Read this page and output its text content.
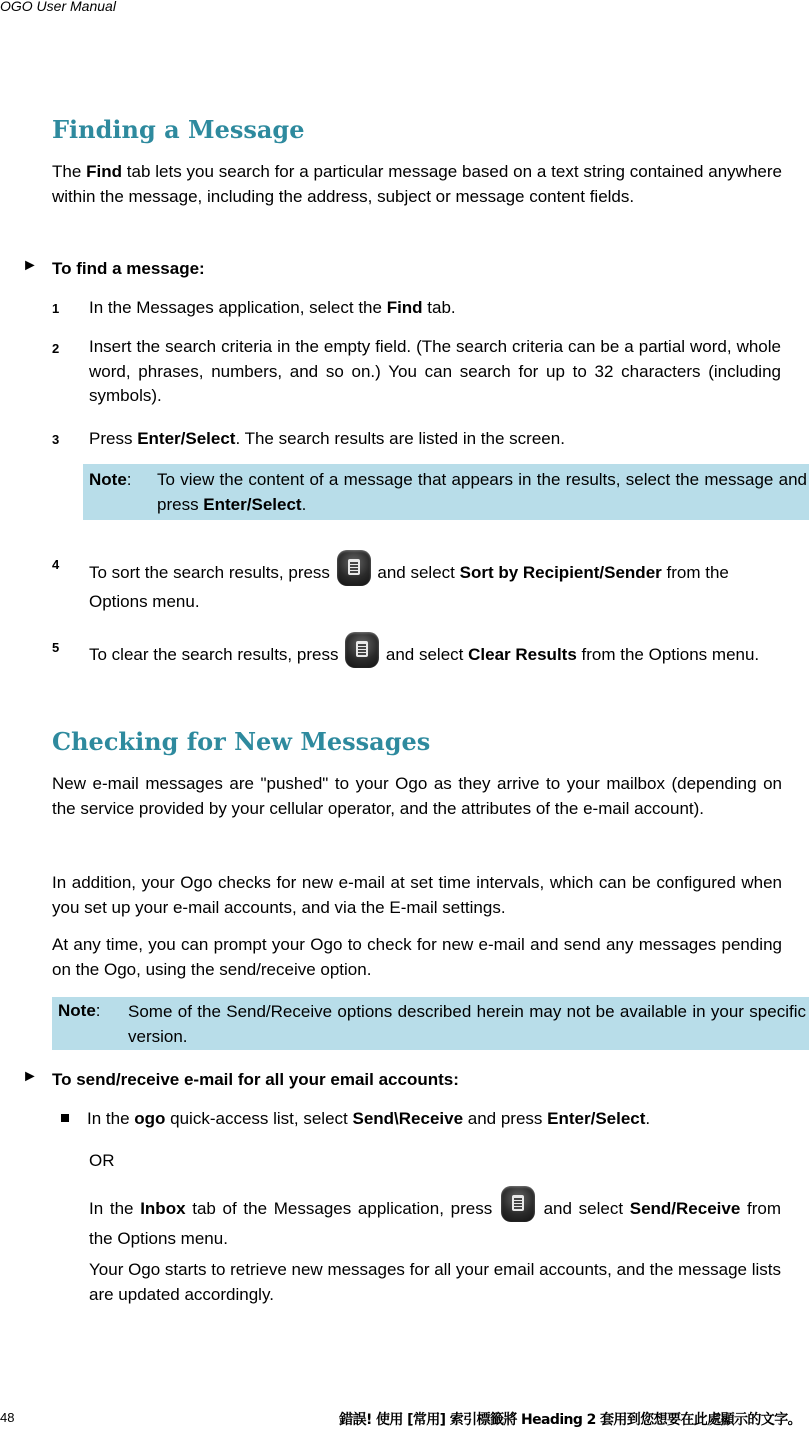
OGO User Manual
Finding a Message
The Find tab lets you search for a particular message based on a text string contained anywhere within the message, including the address, subject or message content fields.
► To find a message:
1 In the Messages application, select the Find tab.
2 Insert the search criteria in the empty field. (The search criteria can be a partial word, whole word, phrases, numbers, and so on.) You can search for up to 32 characters (including symbols).
3 Press Enter/Select. The search results are listed in the screen.
Note: To view the content of a message that appears in the results, select the message and press Enter/Select.
4 To sort the search results, press
and select Sort by Recipient/Sender from the Options menu.
5 To clear the search results, press
and select Clear Results from the Options menu.
Checking for New Messages
New e-mail messages are "pushed" to your Ogo as they arrive to your mailbox (depending on the service provided by your cellular operator, and the attributes of the e-mail account).
In addition, your Ogo checks for new e-mail at set time intervals, which can be configured when you set up your e-mail accounts, and via the E-mail settings.
At any time, you can prompt your Ogo to check for new e-mail and send any messages pending on the Ogo, using the send/receive option.
Note: Some of the Send/Receive options described herein may not be available in your specific version.
► To send/receive e-mail for all your email accounts:
In the ogo quick-access list, select Send\Receive and press Enter/Select.
OR
In the Inbox tab of the Messages application, press
and select Send/Receive from the Options menu.
Your Ogo starts to retrieve new messages for all your email accounts, and the message lists are updated accordingly.
48	錯誤! 使用 [常用] 索引標籤將 Heading 2 套用到您想要在此處顯示的文字。
